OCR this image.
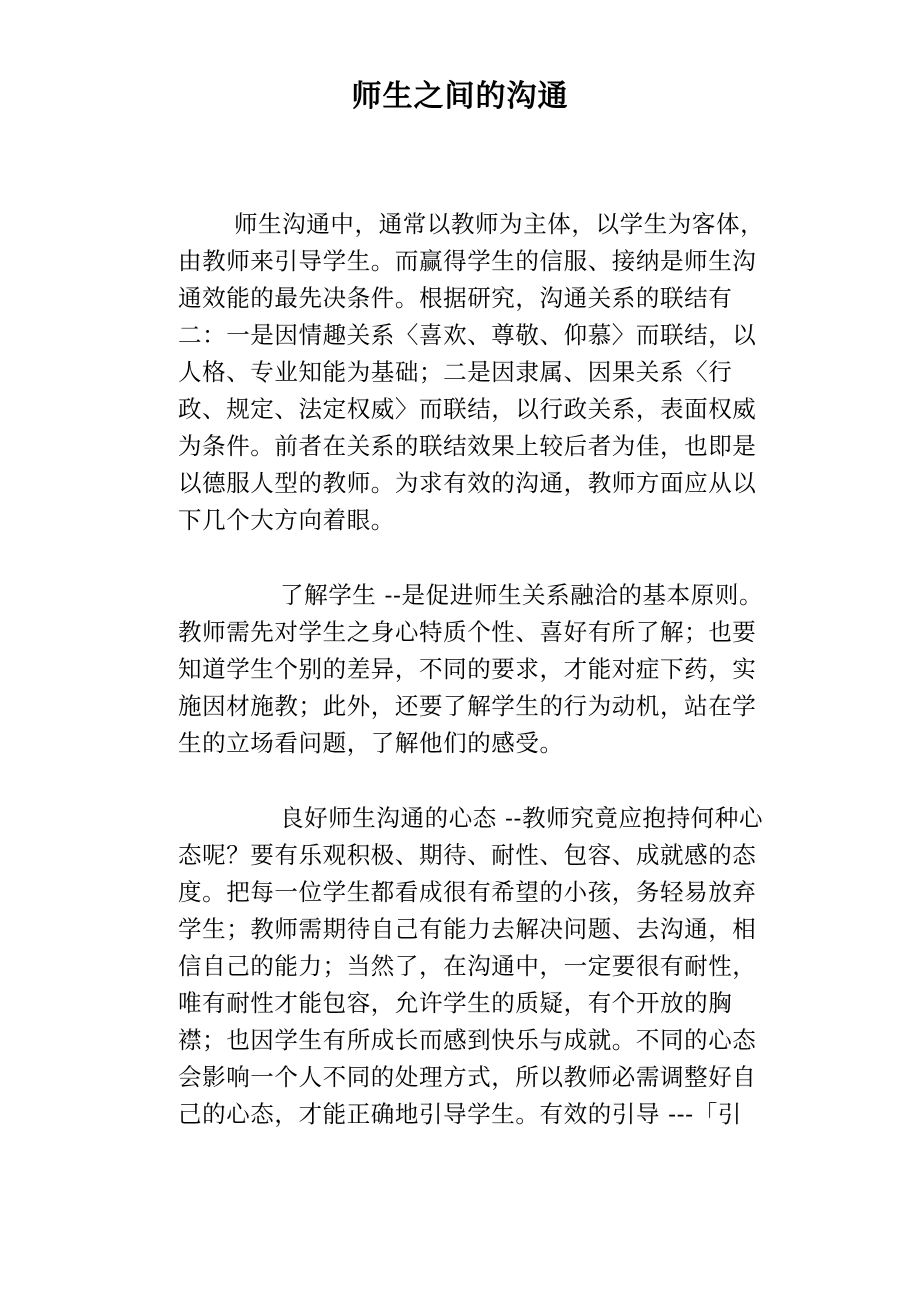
师生之间的沟通
师生沟通中，通常以教师为主体，以学生为客体，
由教师来引导学生。而赢得学生的信服、接纳是师生沟
通效能的最先决条件。根据研究，沟通关系的联结有
二：一是因情趣关系〈喜欢、尊敬、仰慕〉而联结，以
人格、专业知能为基础；二是因隶属、因果关系〈行
政、规定、法定权威〉而联结，以行政关系，表面权威
为条件。前者在关系的联结效果上较后者为佳，也即是
以德服人型的教师。为求有效的沟通，教师方面应从以
下几个大方向着眼。
了解学生 --是促进师生关系融洽的基本原则。
教师需先对学生之身心特质个性、喜好有所了解；也要
知道学生个别的差异，不同的要求，才能对症下药，实
施因材施教；此外，还要了解学生的行为动机，站在学
生的立场看问题，了解他们的感受。
良好师生沟通的心态 --教师究竟应抱持何种心
态呢？要有乐观积极、期待、耐性、包容、成就感的态
度。把每一位学生都看成很有希望的小孩，务轻易放弃
学生；教师需期待自己有能力去解决问题、去沟通，相
信自己的能力；当然了，在沟通中，一定要很有耐性，
唯有耐性才能包容，允许学生的质疑，有个开放的胸
襟；也因学生有所成长而感到快乐与成就。不同的心态
会影响一个人不同的处理方式，所以教师必需调整好自
己的心态，才能正确地引导学生。有效的引导 ---「引
